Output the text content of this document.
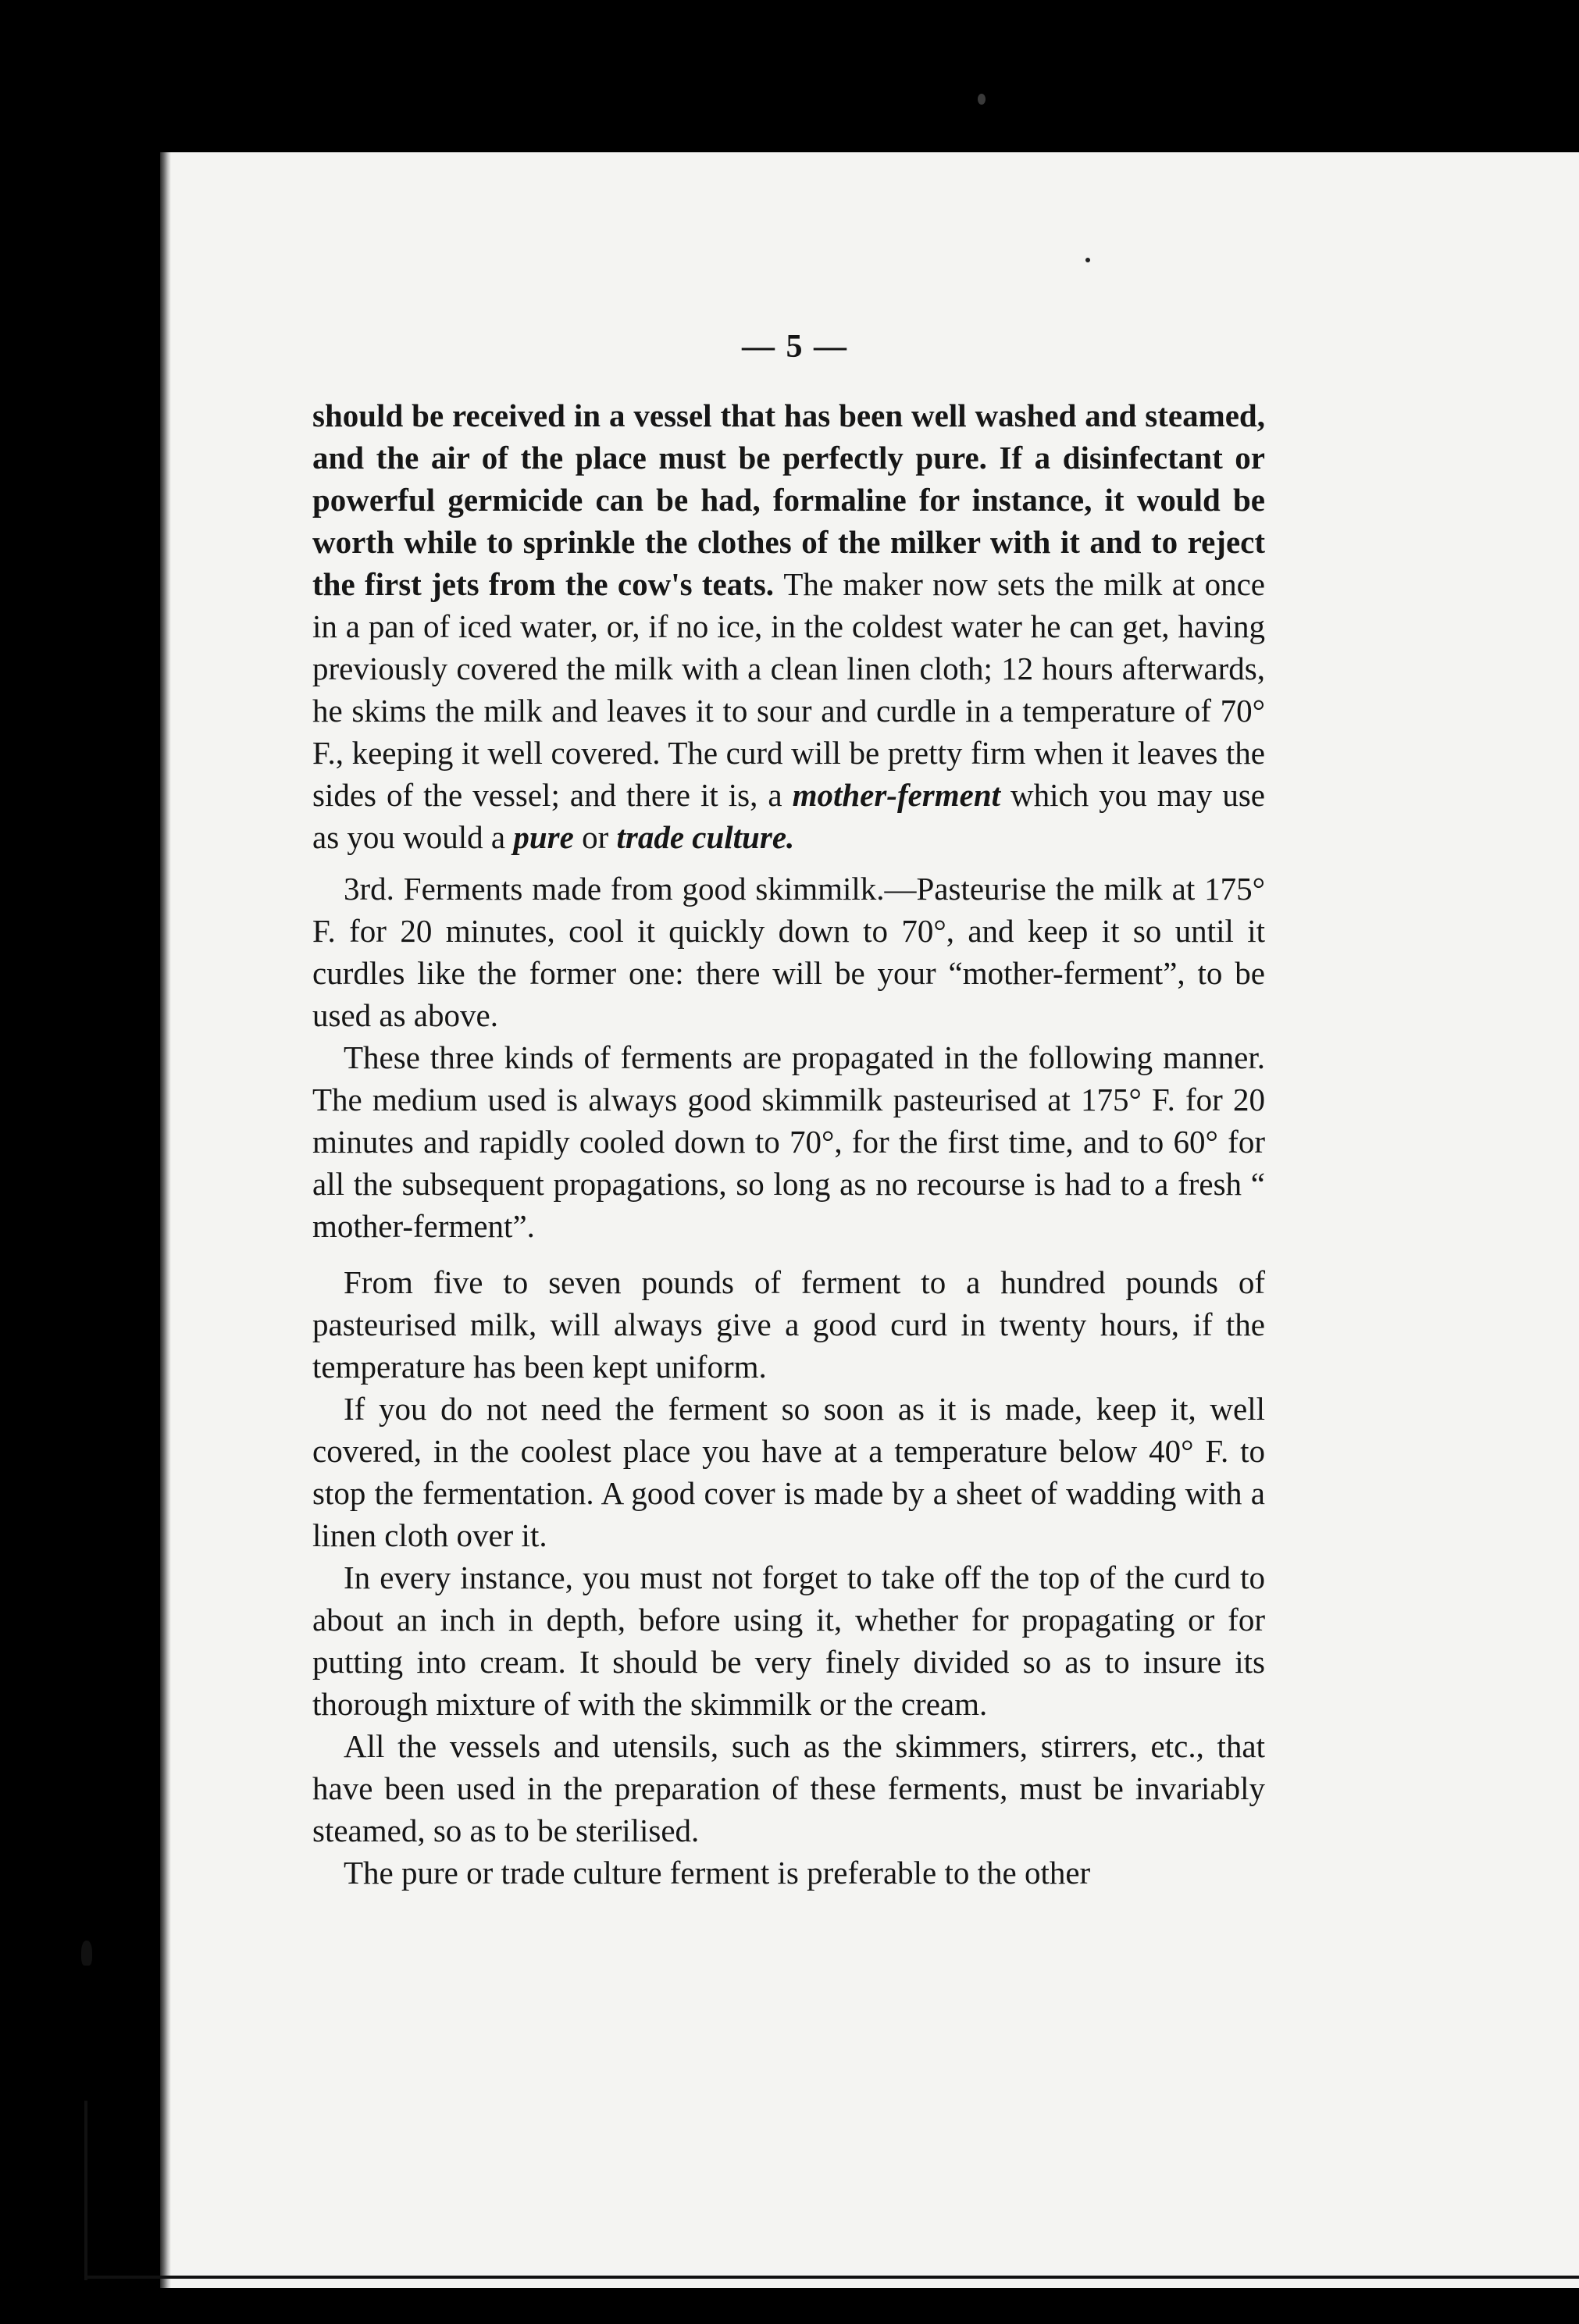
— 5 —

should be received in a vessel that has been well washed and steamed, and the air of the place must be perfectly pure. If a disinfectant or powerful germicide can be had, formaline for instance, it would be worth while to sprinkle the clothes of the milker with it and to reject the first jets from the cow's teats. The maker now sets the milk at once in a pan of iced water, or, if no ice, in the coldest water he can get, having previously covered the milk with a clean linen cloth; 12 hours afterwards, he skims the milk and leaves it to sour and curdle in a temperature of 70° F., keeping it well covered. The curd will be pretty firm when it leaves the sides of the vessel; and there it is, a mother-ferment which you may use as you would a pure or trade culture.

3rd. Ferments made from good skimmilk.—Pasteurise the milk at 175° F. for 20 minutes, cool it quickly down to 70°, and keep it so until it curdles like the former one: there will be your “mother-ferment”, to be used as above.

These three kinds of ferments are propagated in the following manner. The medium used is always good skimmilk pasteurised at 175° F. for 20 minutes and rapidly cooled down to 70°, for the first time, and to 60° for all the subsequent propagations, so long as no recourse is had to a fresh “ mother-ferment”.

From five to seven pounds of ferment to a hundred pounds of pasteurised milk, will always give a good curd in twenty hours, if the temperature has been kept uniform.

If you do not need the ferment so soon as it is made, keep it, well covered, in the coolest place you have at a temperature below 40° F. to stop the fermentation. A good cover is made by a sheet of wadding with a linen cloth over it.

In every instance, you must not forget to take off the top of the curd to about an inch in depth, before using it, whether for propagating or for putting into cream. It should be very finely divided so as to insure its thorough mixture of with the skimmilk or the cream.

All the vessels and utensils, such as the skimmers, stirrers, etc., that have been used in the preparation of these ferments, must be invariably steamed, so as to be sterilised.

The pure or trade culture ferment is preferable to the other
